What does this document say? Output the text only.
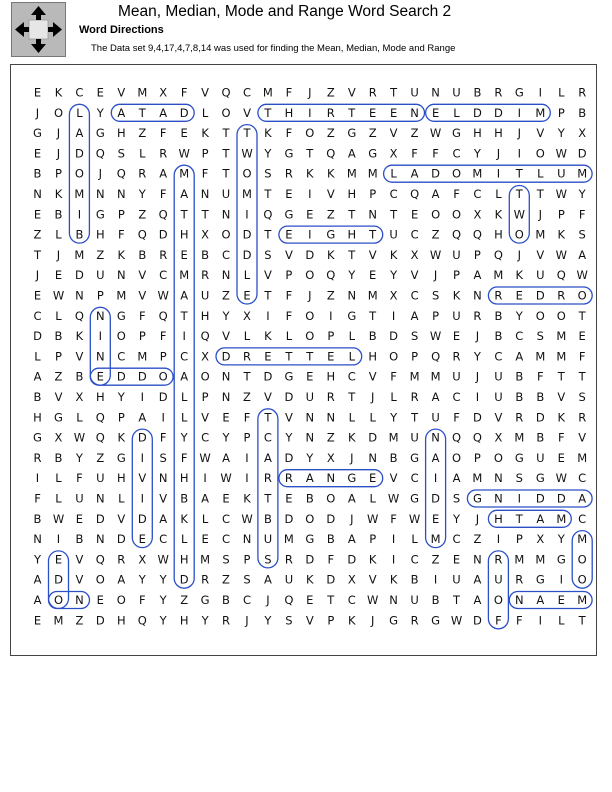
Mean, Median, Mode and Range Word Search 2
Word Directions
The Data set 9,4,17,4,7,8,14 was used for finding the Mean, Median, Mode and Range
E K C E V M X F V Q C M F J Z V R T U N U B R G I L R
J O L Y A T A D L O V T H I R T E E N E L D D I M P B
G J A G H Z F E K T T K F O Z G Z V Z W G H H J V Y X
E J D Q S L R W P T W Y G T Q A G X F F C Y J I O W D
B P O J Q R A M F T O S R K K M M L A D O M I T L U M
N K M N N Y F A N U M T E I V H P C Q A F C L T T W Y
E B I G P Z Q T T N I Q G E Z T N T E O O X K W J P F
Z L B H F Q D H X O D T E I G H T U C Z Q Q H O M K S
T J M Z K B R E B C D S V D K T V K X W U P Q J V W A
J E D U N V C M R N L V P O Q Y E Y V J P A M K U Q W
E W N P M V W A U Z E T F J Z N M X C S K N R E D R O
C L Q N G F Q T H Y X I F O I G T I A P U R B Y O O T
D B K I O P F I Q V L K L O P L B D S W E J B C S M E
L P V N C M P C X D R E T T E L H O P Q R Y C A M M F
A Z B E D D O A O N T D G E H C V F M M U J U B F T T
B V X H Y I D L P N Z V D U R T J L R A C I U B B V S
H G L Q P A I L V E F T V N N L L Y T U F D V R D K R
G X W Q K D F Y C Y P C Y N Z K D M U N Q Q X M B F V
R B Y Z G I S F W A I A D Y X J N B G A O P O G U E M
I L F U H V N H I W I R R A N G E V C I A M N S G W C
F L U N L I V B A E K T E B O A L W G D S G N I D D A
B W E D V D A K L C W B D O D J W F W E Y J H T A M C
N I B N D E C L E C N U M G B A P I L M C Z I P X Y M
Y E V Q R X W H M S P S R D F D K I C Z E N R M M G O
A D V O A Y Y D R Z S A U K D X V K B I U A U R G I O
A O N E O F Y Z G B C J Q E T C W N U B T A O N A E M
E M Z D H Q Y H Y R J Y S V P K J G R G W D F F I L T
